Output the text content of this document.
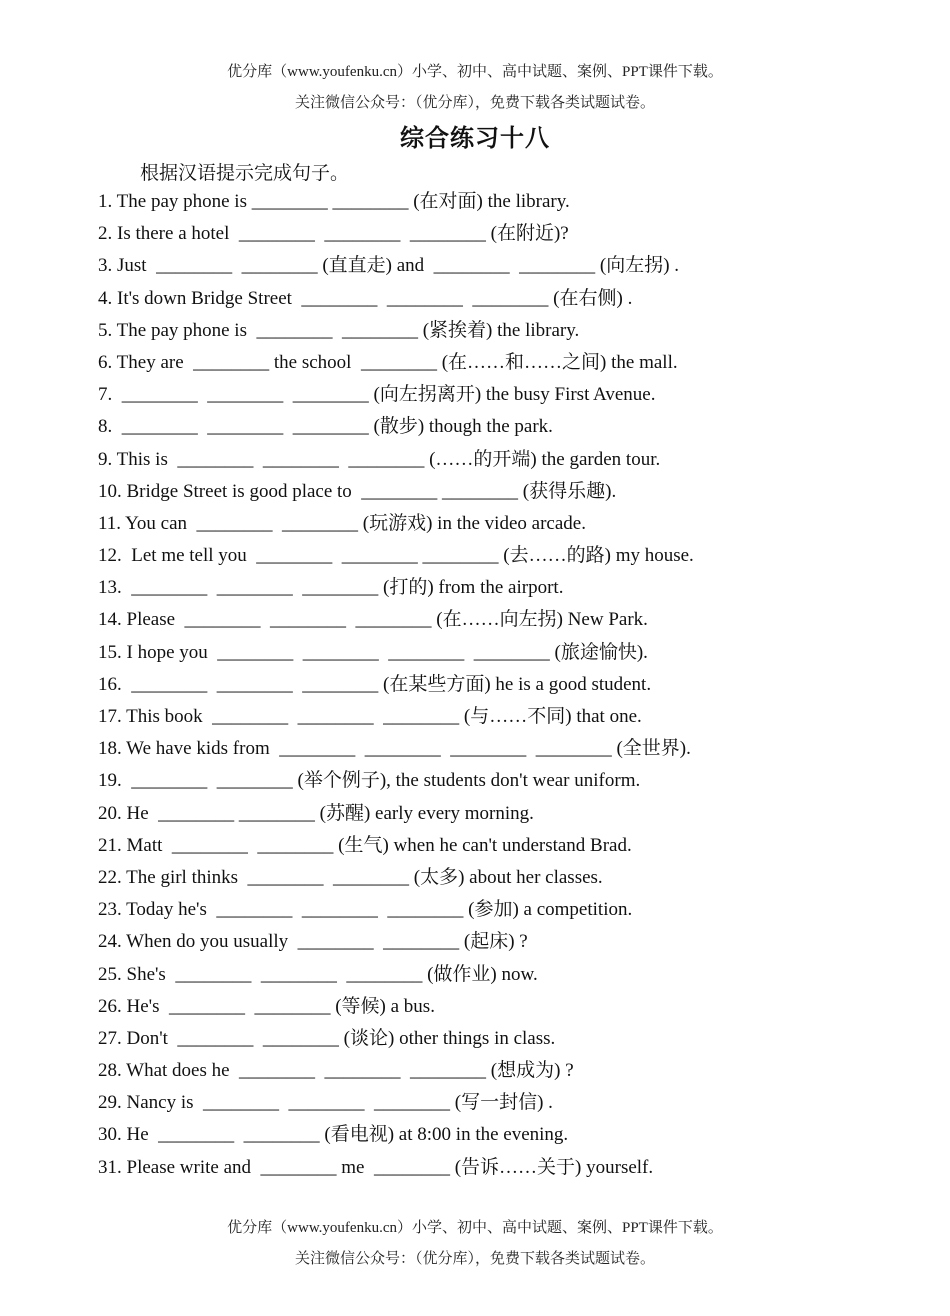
优分库（www.youfenku.cn）小学、初中、高中试题、案例、PPT课件下载。
关注微信公众号：（优分库），免费下载各类试题试卷。
综合练习十八
根据汉语提示完成句子。
1. The pay phone is ________ ________ (在对面) the library.
2. Is there a hotel  ________  ________  ________ (在附近)?
3. Just  ________  ________ (直直走) and  ________  ________ (向左拐) .
4. It's down Bridge Street  ________  ________  ________ (在右侧) .
5. The pay phone is  ________  ________ (紧挨着) the library.
6. They are  ________ the school  ________ (在……和……之间) the mall.
7.  ________  ________  ________ (向左拐离开) the busy First Avenue.
8.  ________  ________  ________ (散步) though the park.
9. This is  ________  ________  ________ (……的开端) the garden tour.
10. Bridge Street is good place to  ________ ________ (获得乐趣).
11. You can  ________  ________ (玩游戏) in the video arcade.
12.  Let me tell you  ________  ________ ________ (去……的路) my house.
13.  ________  ________  ________ (打的) from the airport.
14. Please  ________  ________  ________ (在……向左拐) New Park.
15. I hope you  ________  ________  ________  ________ (旅途愉快).
16.  ________  ________  ________ (在某些方面) he is a good student.
17. This book  ________  ________  ________ (与……不同) that one.
18. We have kids from  ________  ________  ________  ________ (全世界).
19.  ________  ________ (举个例子), the students don't wear uniform.
20. He  ________ ________ (苏醒) early every morning.
21. Matt  ________  ________ (生气) when he can't understand Brad.
22. The girl thinks  ________  ________ (太多) about her classes.
23. Today he's  ________  ________  ________ (参加) a competition.
24. When do you usually  ________  ________ (起床) ?
25. She's  ________  ________  ________ (做作业) now.
26. He's  ________  ________ (等候) a bus.
27. Don't  ________  ________ (谈论) other things in class.
28. What does he  ________  ________  ________ (想成为) ?
29. Nancy is  ________  ________  ________ (写一封信) .
30. He  ________  ________ (看电视) at 8:00 in the evening.
31. Please write and  ________ me  ________ (告诉……关于) yourself.
优分库（www.youfenku.cn）小学、初中、高中试题、案例、PPT课件下载。
关注微信公众号：（优分库），免费下载各类试题试卷。
